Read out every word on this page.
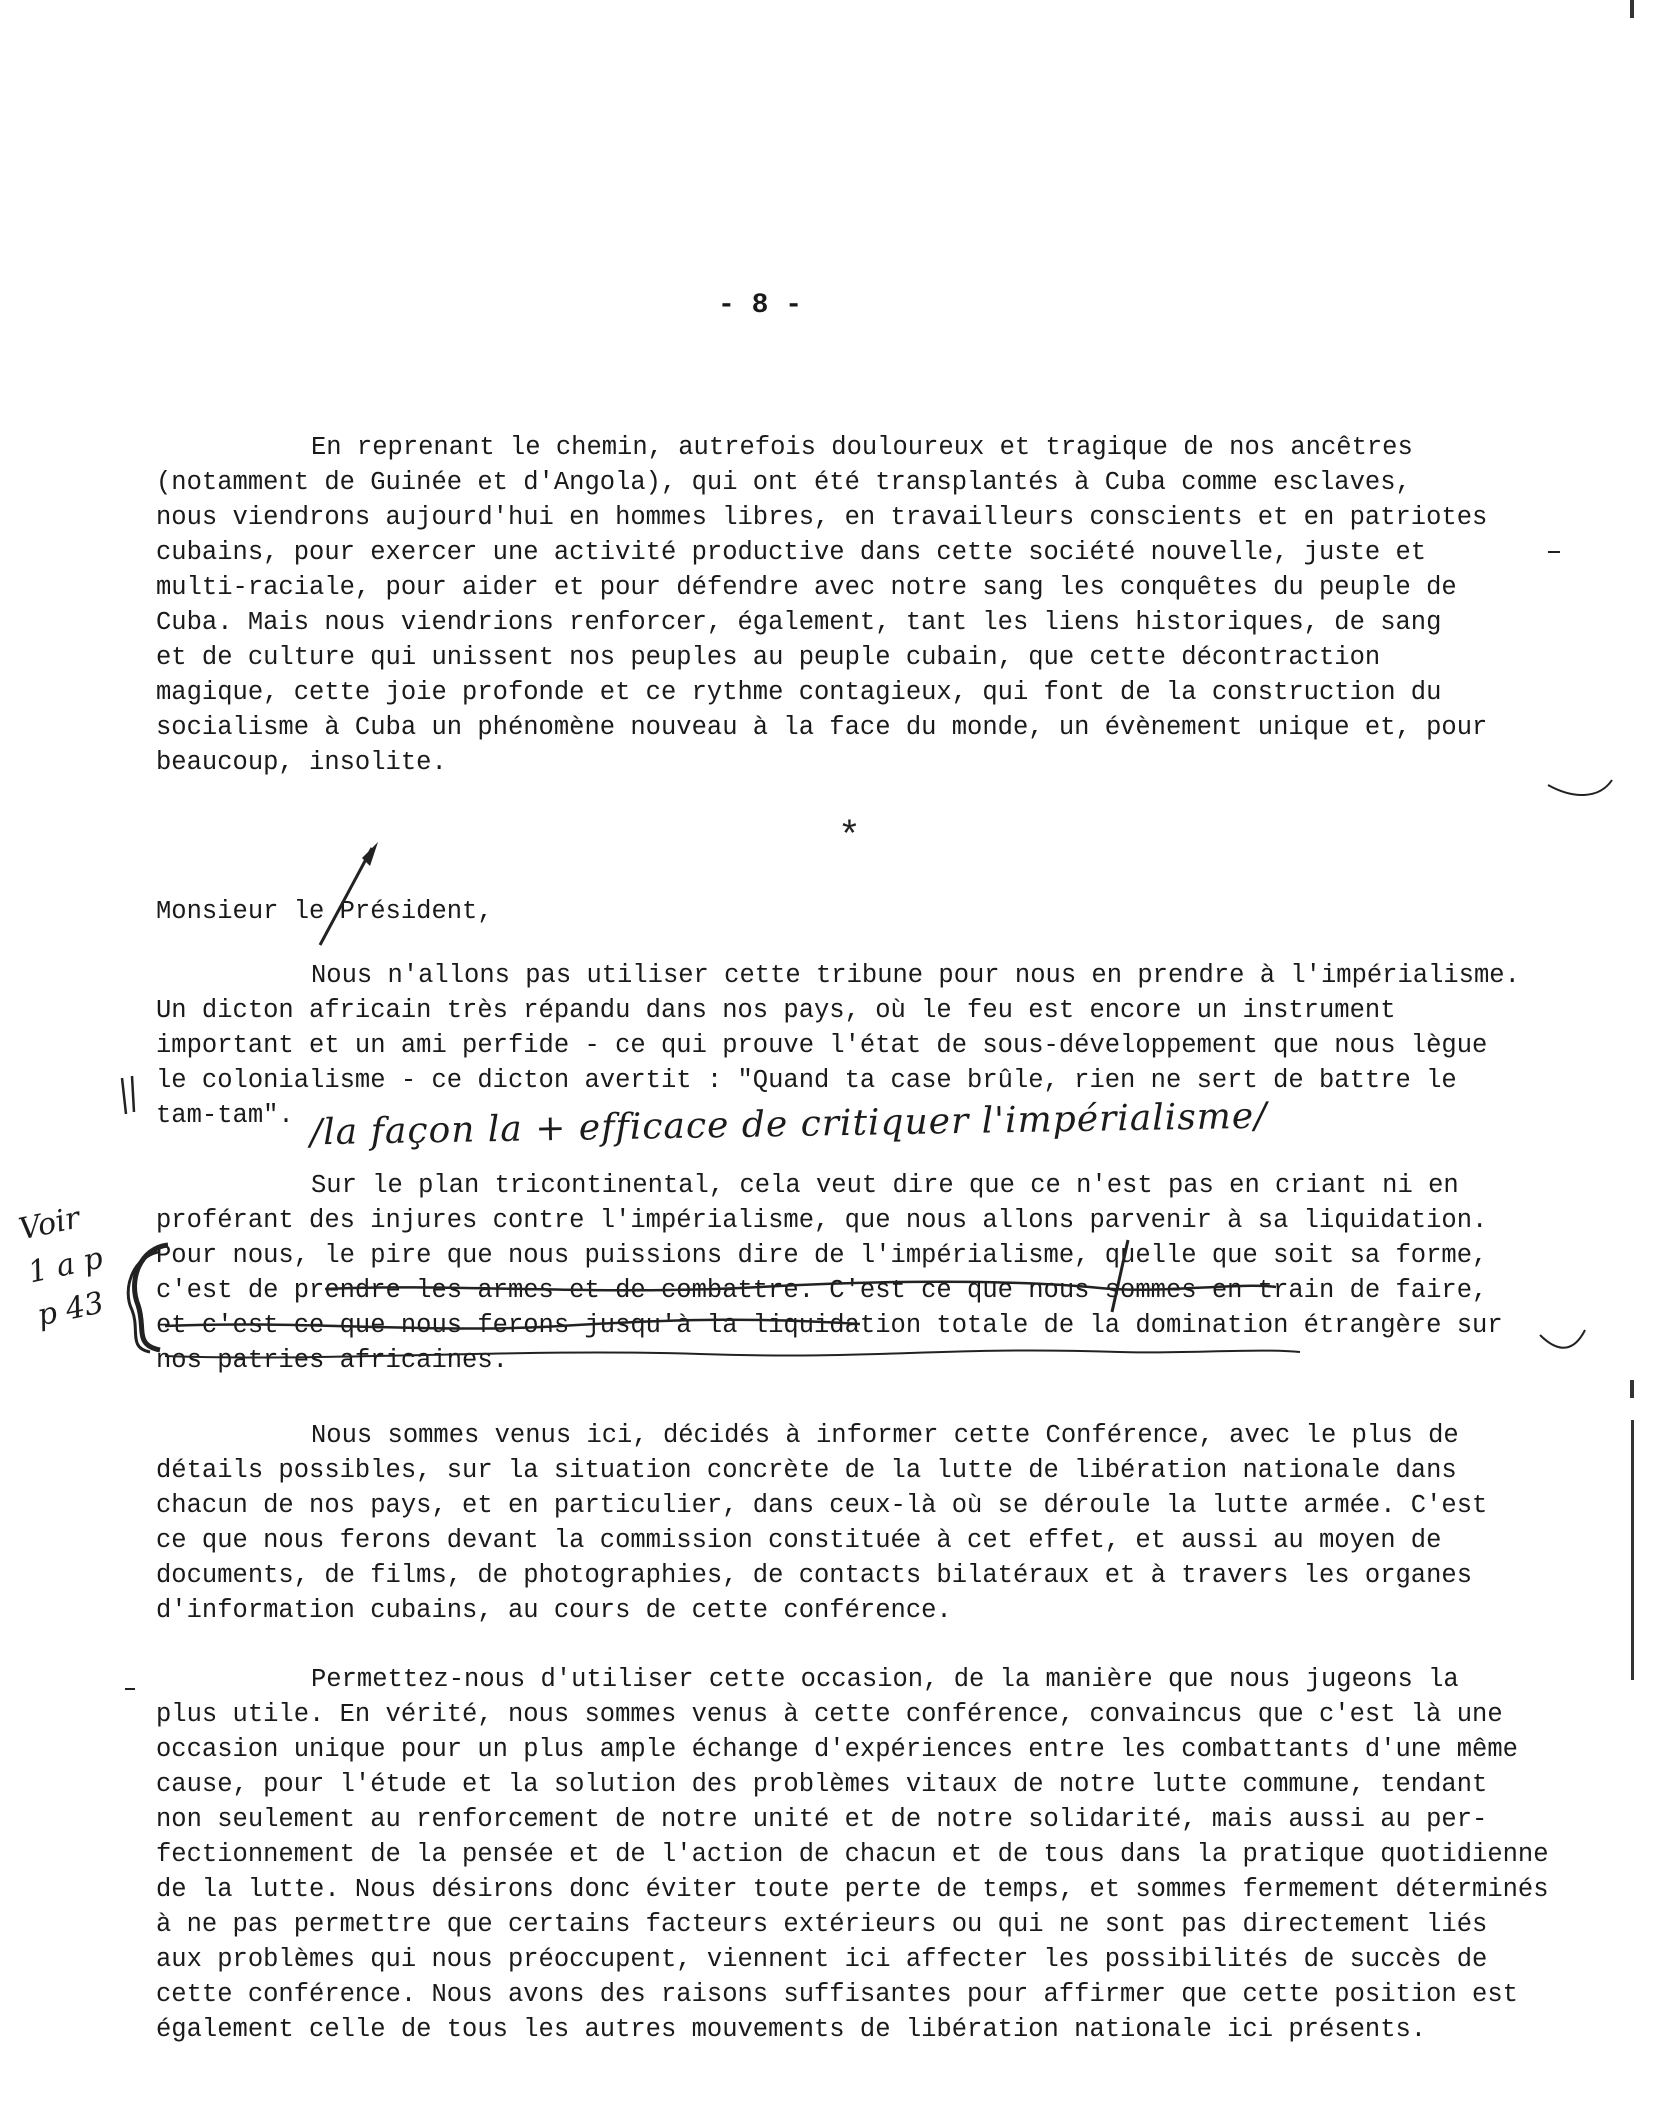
- 8 -
En reprenant le chemin, autrefois douloureux et tragique de nos ancêtres
(notamment de Guinée et d'Angola), qui ont été transplantés à Cuba comme esclaves,
nous viendrons aujourd'hui en hommes libres, en travailleurs conscients et en patriotes
cubains, pour exercer une activité productive dans cette société nouvelle, juste et
multi-raciale, pour aider et pour défendre avec notre sang les conquêtes du peuple de
Cuba. Mais nous viendrions renforcer, également, tant les liens historiques, de sang
et de culture qui unissent nos peuples au peuple cubain, que cette décontraction
magique, cette joie profonde et ce rythme contagieux, qui font de la construction du
socialisme à Cuba un phénomène nouveau à la face du monde, un évènement unique et, pour
beaucoup, insolite.
*
Monsieur le Président,
Nous n'allons pas utiliser cette tribune pour nous en prendre à l'impérialisme.
Un dicton africain très répandu dans nos pays, où le feu est encore un instrument
important et un ami perfide - ce qui prouve l'état de sous-développement que nous lègue
le colonialisme - ce dicton avertit : "Quand ta case brûle, rien ne sert de battre le
tam-tam". /la façon la + efficace de critiquer l'impérialisme/
Sur le plan tricontinental, cela veut dire que ce n'est pas en criant ni en
proférant des injures contre l'impérialisme, que nous allons parvenir à sa liquidation.
Pour nous, le pire que nous puissions dire de l'impérialisme, quelle que soit sa forme,
c'est de prendre les armes et de combattre. C'est ce que nous sommes en train de faire,
et c'est ce que nous ferons jusqu'à la liquidation totale de la domination étrangère sur
nos patries africaines.
Voir
1 a p
p 43
Nous sommes venus ici, décidés à informer cette Conférence, avec le plus de
détails possibles, sur la situation concrète de la lutte de libération nationale dans
chacun de nos pays, et en particulier, dans ceux-là où se déroule la lutte armée. C'est
ce que nous ferons devant la commission constituée à cet effet, et aussi au moyen de
documents, de films, de photographies, de contacts bilatéraux et à travers les organes
d'information cubains, au cours de cette conférence.
Permettez-nous d'utiliser cette occasion, de la manière que nous jugeons la
plus utile. En vérité, nous sommes venus à cette conférence, convaincus que c'est là une
occasion unique pour un plus ample échange d'expériences entre les combattants d'une même
cause, pour l'étude et la solution des problèmes vitaux de notre lutte commune, tendant
non seulement au renforcement de notre unité et de notre solidarité, mais aussi au per-
fectionnement de la pensée et de l'action de chacun et de tous dans la pratique quotidienne
de la lutte. Nous désirons donc éviter toute perte de temps, et sommes fermement déterminés
à ne pas permettre que certains facteurs extérieurs ou qui ne sont pas directement liés
aux problèmes qui nous préoccupent, viennent ici affecter les possibilités de succès de
cette conférence. Nous avons des raisons suffisantes pour affirmer que cette position est
également celle de tous les autres mouvements de libération nationale ici présents.
